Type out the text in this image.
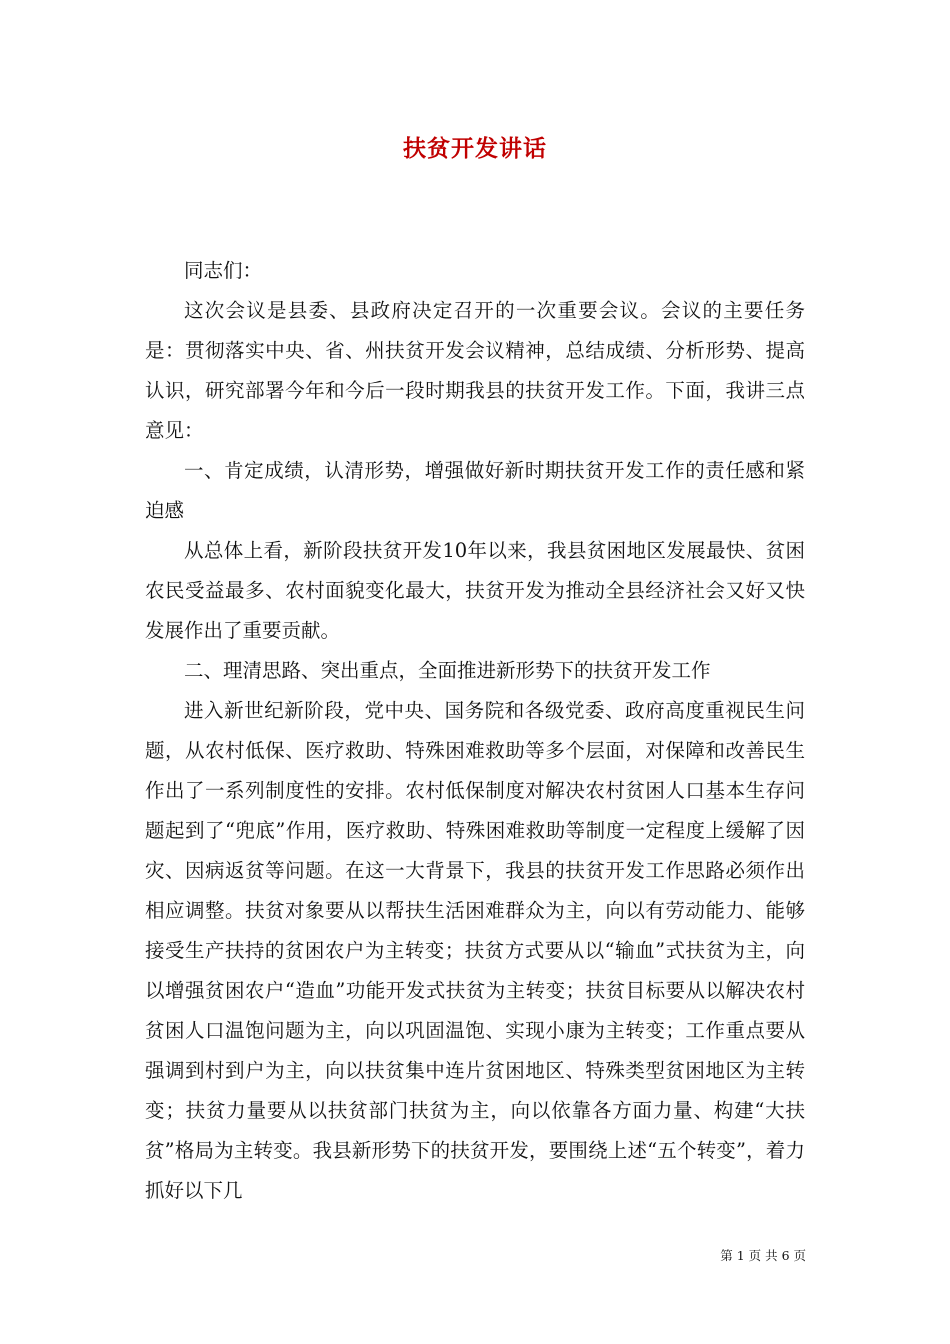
扶贫开发讲话

同志们：

这次会议是县委、县政府决定召开的一次重要会议。会议的主要任务是：贯彻落实中央、省、州扶贫开发会议精神，总结成绩、分析形势、提高认识，研究部署今年和今后一段时期我县的扶贫开发工作。下面，我讲三点意见：

一、肯定成绩，认清形势，增强做好新时期扶贫开发工作的责任感和紧迫感

从总体上看，新阶段扶贫开发10年以来，我县贫困地区发展最快、贫困农民受益最多、农村面貌变化最大，扶贫开发为推动全县经济社会又好又快发展作出了重要贡献。

二、理清思路、突出重点，全面推进新形势下的扶贫开发工作

进入新世纪新阶段，党中央、国务院和各级党委、政府高度重视民生问题，从农村低保、医疗救助、特殊困难救助等多个层面，对保障和改善民生作出了一系列制度性的安排。农村低保制度对解决农村贫困人口基本生存问题起到了“兜底”作用，医疗救助、特殊困难救助等制度一定程度上缓解了因灾、因病返贫等问题。在这一大背景下，我县的扶贫开发工作思路必须作出相应调整。扶贫对象要从以帮扶生活困难群众为主，向以有劳动能力、能够接受生产扶持的贫困农户为主转变；扶贫方式要从以“输血”式扶贫为主，向以增强贫困农户“造血”功能开发式扶贫为主转变；扶贫目标要从以解决农村贫困人口温饱问题为主，向以巩固温饱、实现小康为主转变；工作重点要从强调到村到户为主，向以扶贫集中连片贫困地区、特殊类型贫困地区为主转变；扶贫力量要从以扶贫部门扶贫为主，向以依靠各方面力量、构建“大扶贫”格局为主转变。我县新形势下的扶贫开发，要围绕上述“五个转变”，着力抓好以下几

第 1 页 共 6 页
